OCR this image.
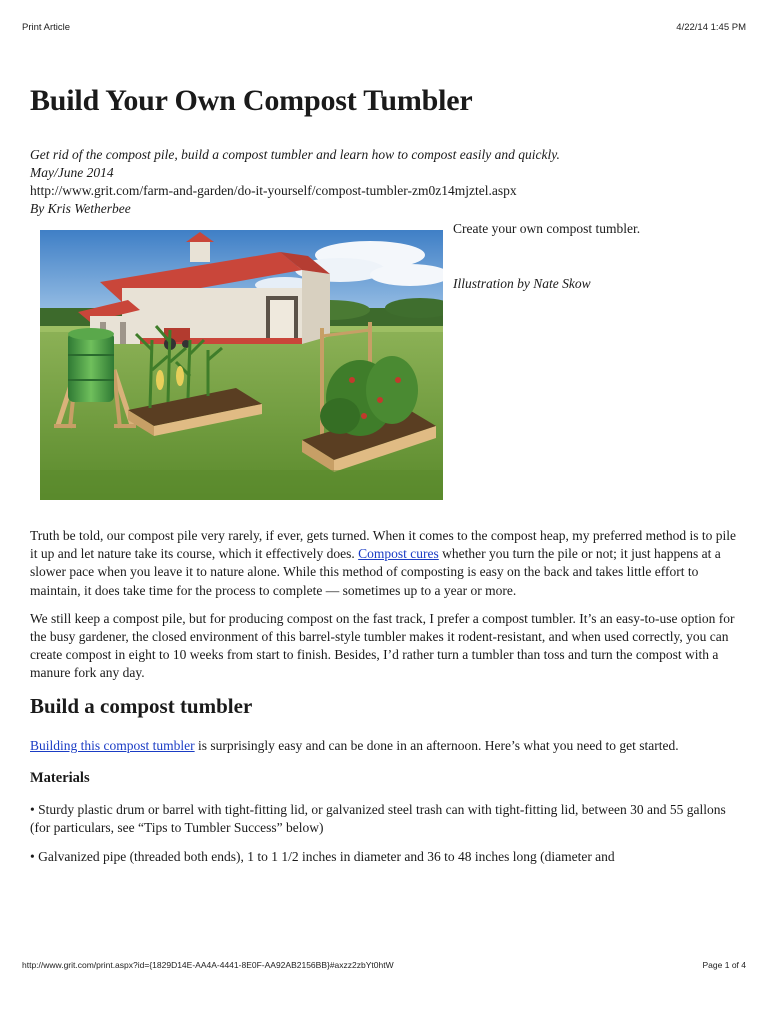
Print Article	4/22/14 1:45 PM
Build Your Own Compost Tumbler
Get rid of the compost pile, build a compost tumbler and learn how to compost easily and quickly.
May/June 2014
http://www.grit.com/farm-and-garden/do-it-yourself/compost-tumbler-zm0z14mjztel.aspx
By Kris Wetherbee

Create your own compost tumbler.

Illustration by Nate Skow

Truth be told, our compost pile very rarely, if ever, gets turned. When it comes to the compost heap, my preferred method is to pile it up and let nature take its course, which it effectively does. Compost cures whether you turn the pile or not; it just happens at a slower pace when you leave it to nature alone. While this method of composting is easy on the back and takes little effort to maintain, it does take time for the process to complete — sometimes up to a year or more.

We still keep a compost pile, but for producing compost on the fast track, I prefer a compost tumbler. It’s an easy-to-use option for the busy gardener, the closed environment of this barrel-style tumbler makes it rodent-resistant, and when used correctly, you can create compost in eight to 10 weeks from start to finish. Besides, I’d rather turn a tumbler than toss and turn the compost with a manure fork any day.

Build a compost tumbler

Building this compost tumbler is surprisingly easy and can be done in an afternoon. Here’s what you need to get started.

Materials

• Sturdy plastic drum or barrel with tight-fitting lid, or galvanized steel trash can with tight-fitting lid, between 30 and 55 gallons (for particulars, see “Tips to Tumbler Success” below)

• Galvanized pipe (threaded both ends), 1 to 1 1/2 inches in diameter and 36 to 48 inches long (diameter and

http://www.grit.com/print.aspx?id={1829D14E-AA4A-4441-8E0F-AA92AB2156BB}#axzz2zbYt0htW	Page 1 of 4
